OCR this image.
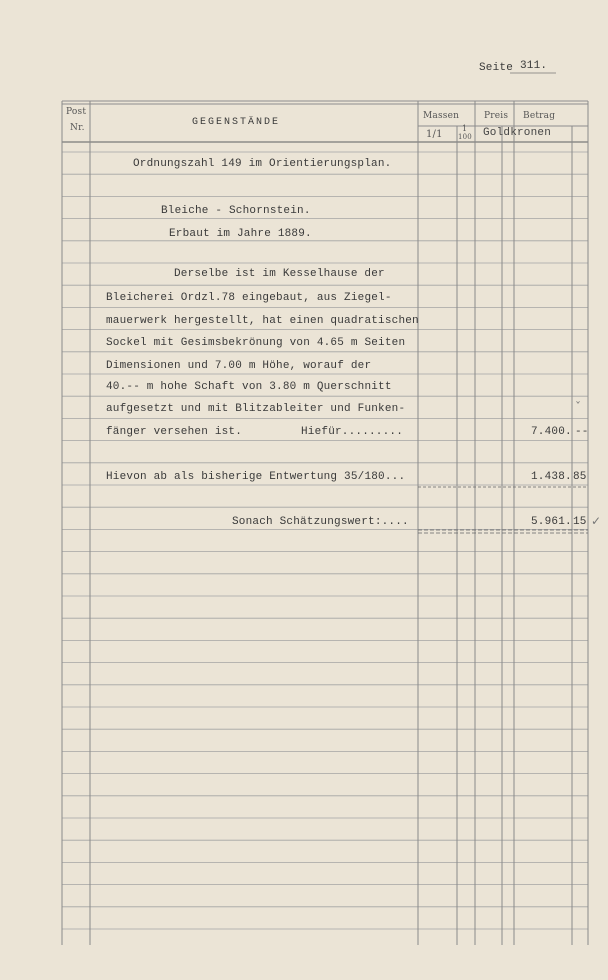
Seite 311.
Post
Nr.	GEGENSTÄNDE
Massen
1/1
1
100
Preis Betrag
Goldkronen
Ordnungszahl 149 im Orientierungsplan.
Bleiche - Schornstein.
Erbaut im Jahre 1889.
Derselbe ist im Kesselhause der
Bleicherei Ordzl.78 eingebaut, aus Ziegel-
mauerwerk hergestellt, hat einen quadratischen
Sockel mit Gesimsbekrönung von 4.65 m Seiten
Dimensionen und 7.00 m Höhe, worauf der
40.-- m hohe Schaft von 3.80 m Querschnitt
aufgesetzt und mit Blitzableiter und Funken-
fänger versehen ist.	Hiefür.........
Hievon ab als bisherige Entwertung 35/180...
Sonach Schätzungswert:....
7.400. --
1.438. 85
5.961. 15 ✓
ˇ
